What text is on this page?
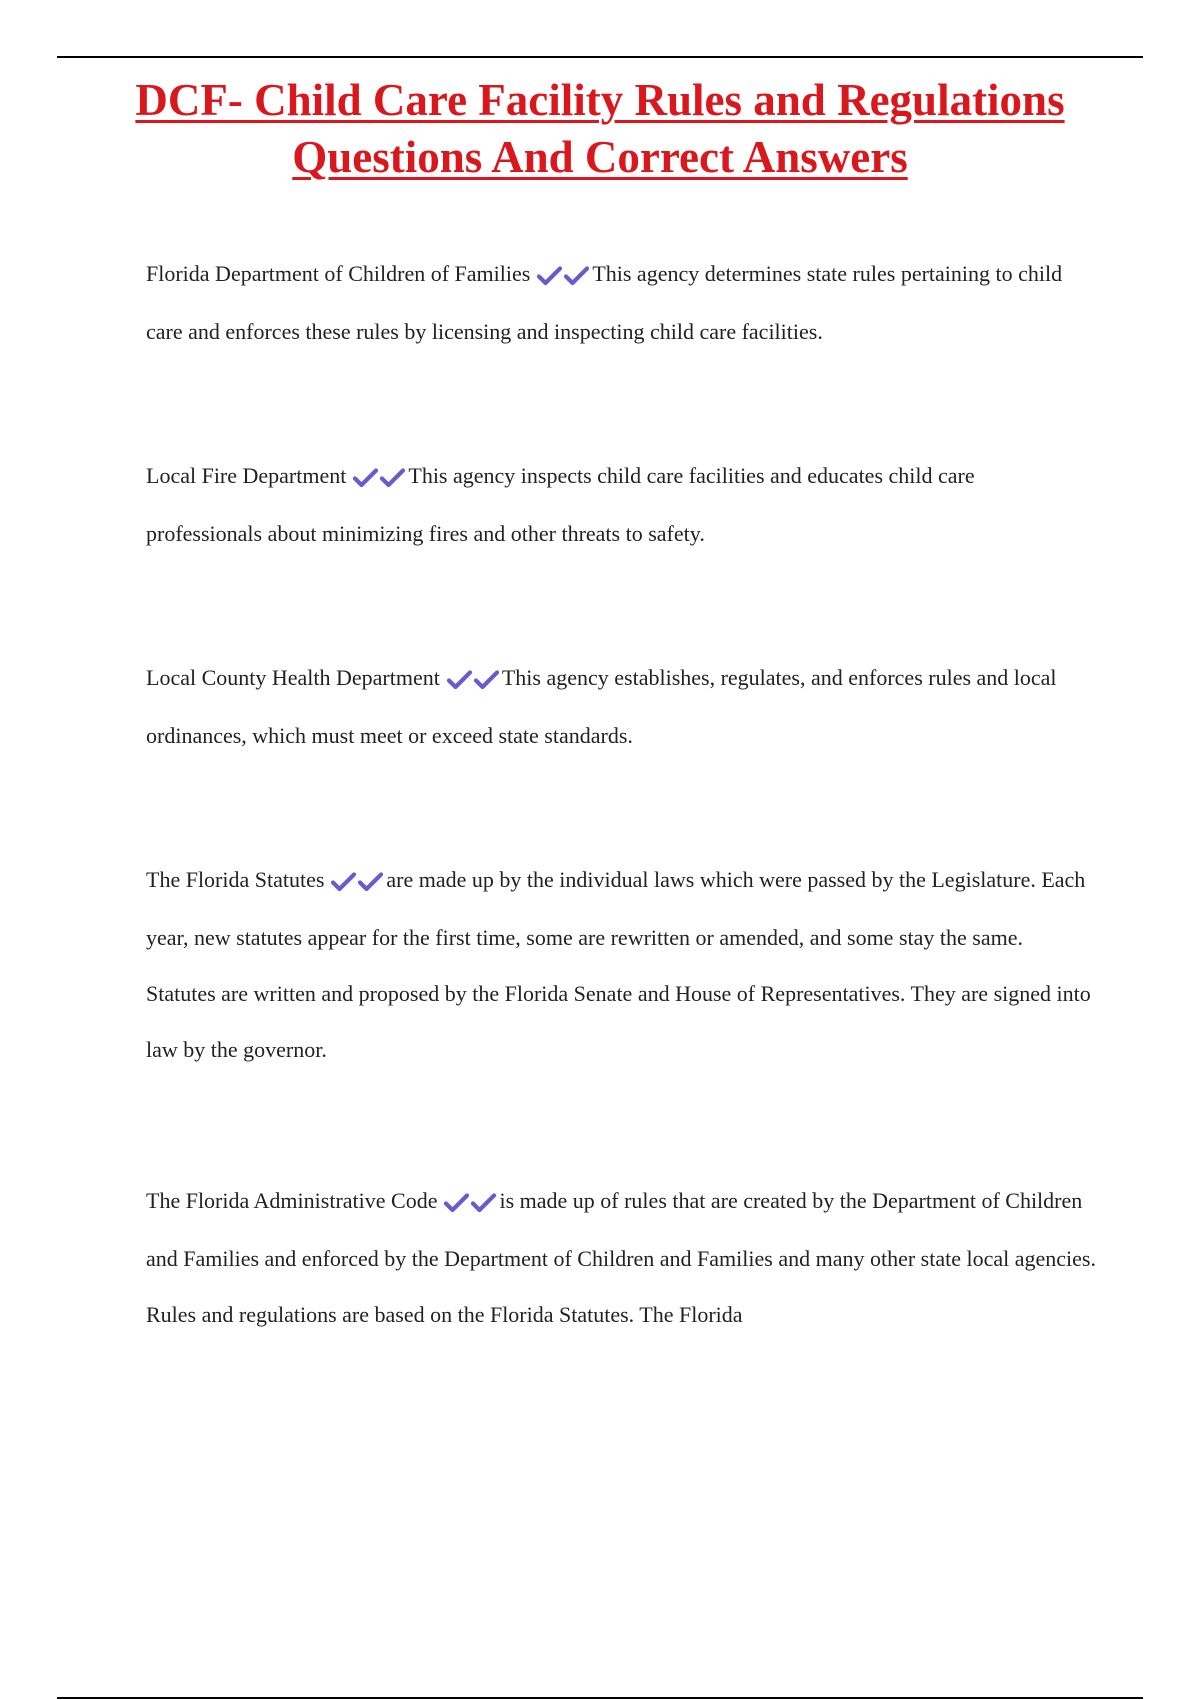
DCF- Child Care Facility Rules and Regulations Questions And Correct Answers

Florida Department of Children of Families	This agency determines state rules pertaining to child care and enforces these rules by licensing and inspecting child care facilities.

Local Fire Department	This agency inspects child care facilities and educates child care professionals about minimizing fires and other threats to safety.

Local County Health Department	This agency establishes, regulates, and enforces rules and local ordinances, which must meet or exceed state standards.

The Florida Statutes	are made up by the individual laws which were passed by the Legislature. Each year, new statutes appear for the first time, some are rewritten or amended, and some stay the same. Statutes are written and proposed by the Florida Senate and House of Representatives. They are signed into law by the governor.

The Florida Administrative Code	is made up of rules that are created by the Department of Children and Families and enforced by the Department of Children and Families and many other state local agencies. Rules and regulations are based on the Florida Statutes. The Florida
